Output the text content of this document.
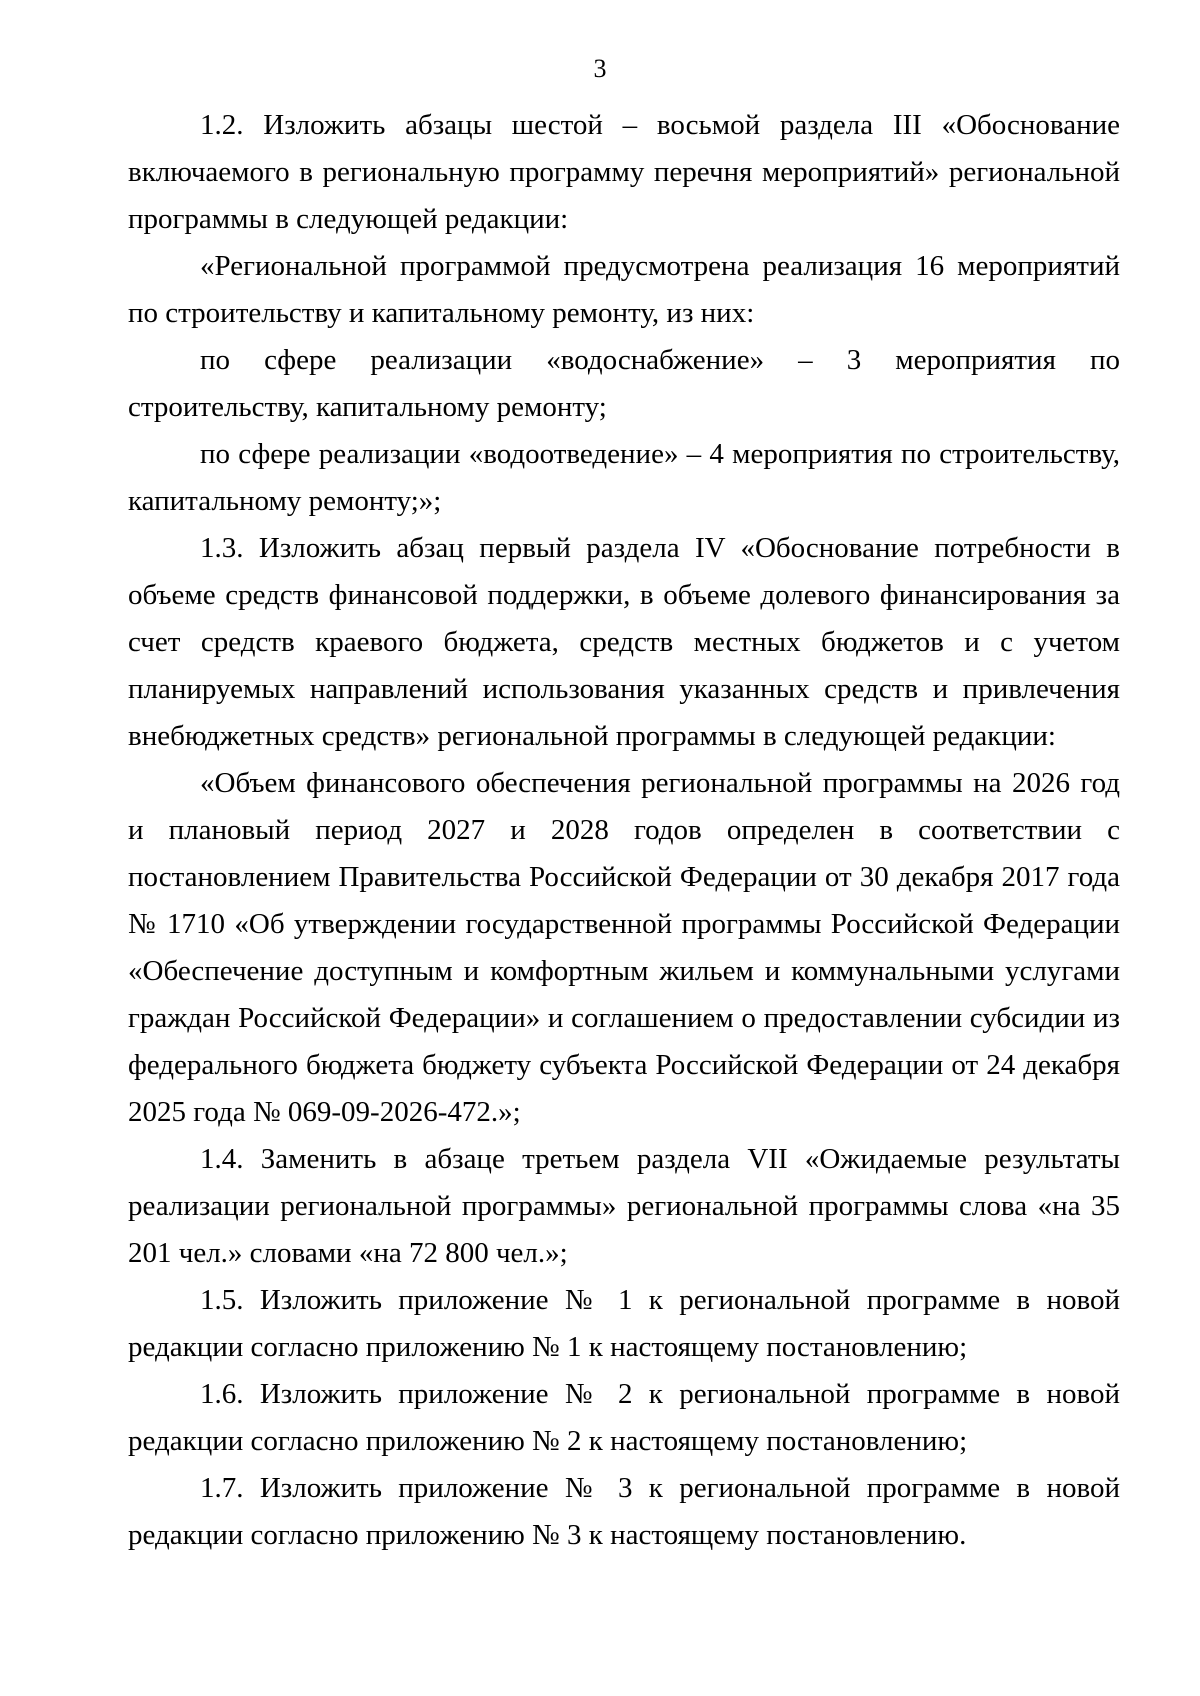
3

1.2. Изложить абзацы шестой – восьмой раздела III «Обоснование включаемого в региональную программу перечня мероприятий» региональной программы в следующей редакции:

«Региональной программой предусмотрена реализация 16 мероприятий по строительству и капитальному ремонту, из них:

по сфере реализации «водоснабжение» – 3 мероприятия по строительству, капитальному ремонту;

по сфере реализации «водоотведение» – 4 мероприятия по строительству, капитальному ремонту;»;

1.3. Изложить абзац первый раздела IV «Обоснование потребности в объеме средств финансовой поддержки, в объеме долевого финансирования за счет средств краевого бюджета, средств местных бюджетов и с учетом планируемых направлений использования указанных средств и привлечения внебюджетных средств» региональной программы в следующей редакции:

«Объем финансового обеспечения региональной программы на 2026 год и плановый период 2027 и 2028 годов определен в соответствии с постановлением Правительства Российской Федерации от 30 декабря 2017 года № 1710 «Об утверждении государственной программы Российской Федерации «Обеспечение доступным и комфортным жильем и коммунальными услугами граждан Российской Федерации» и соглашением о предоставлении субсидии из федерального бюджета бюджету субъекта Российской Федерации от 24 декабря 2025 года № 069-09-2026-472.»;

1.4. Заменить в абзаце третьем раздела VII «Ожидаемые результаты реализации региональной программы» региональной программы слова «на 35 201 чел.» словами «на 72 800 чел.»;

1.5. Изложить приложение № 1 к региональной программе в новой редакции согласно приложению № 1 к настоящему постановлению;

1.6. Изложить приложение № 2 к региональной программе в новой редакции согласно приложению № 2 к настоящему постановлению;

1.7. Изложить приложение № 3 к региональной программе в новой редакции согласно приложению № 3 к настоящему постановлению.
